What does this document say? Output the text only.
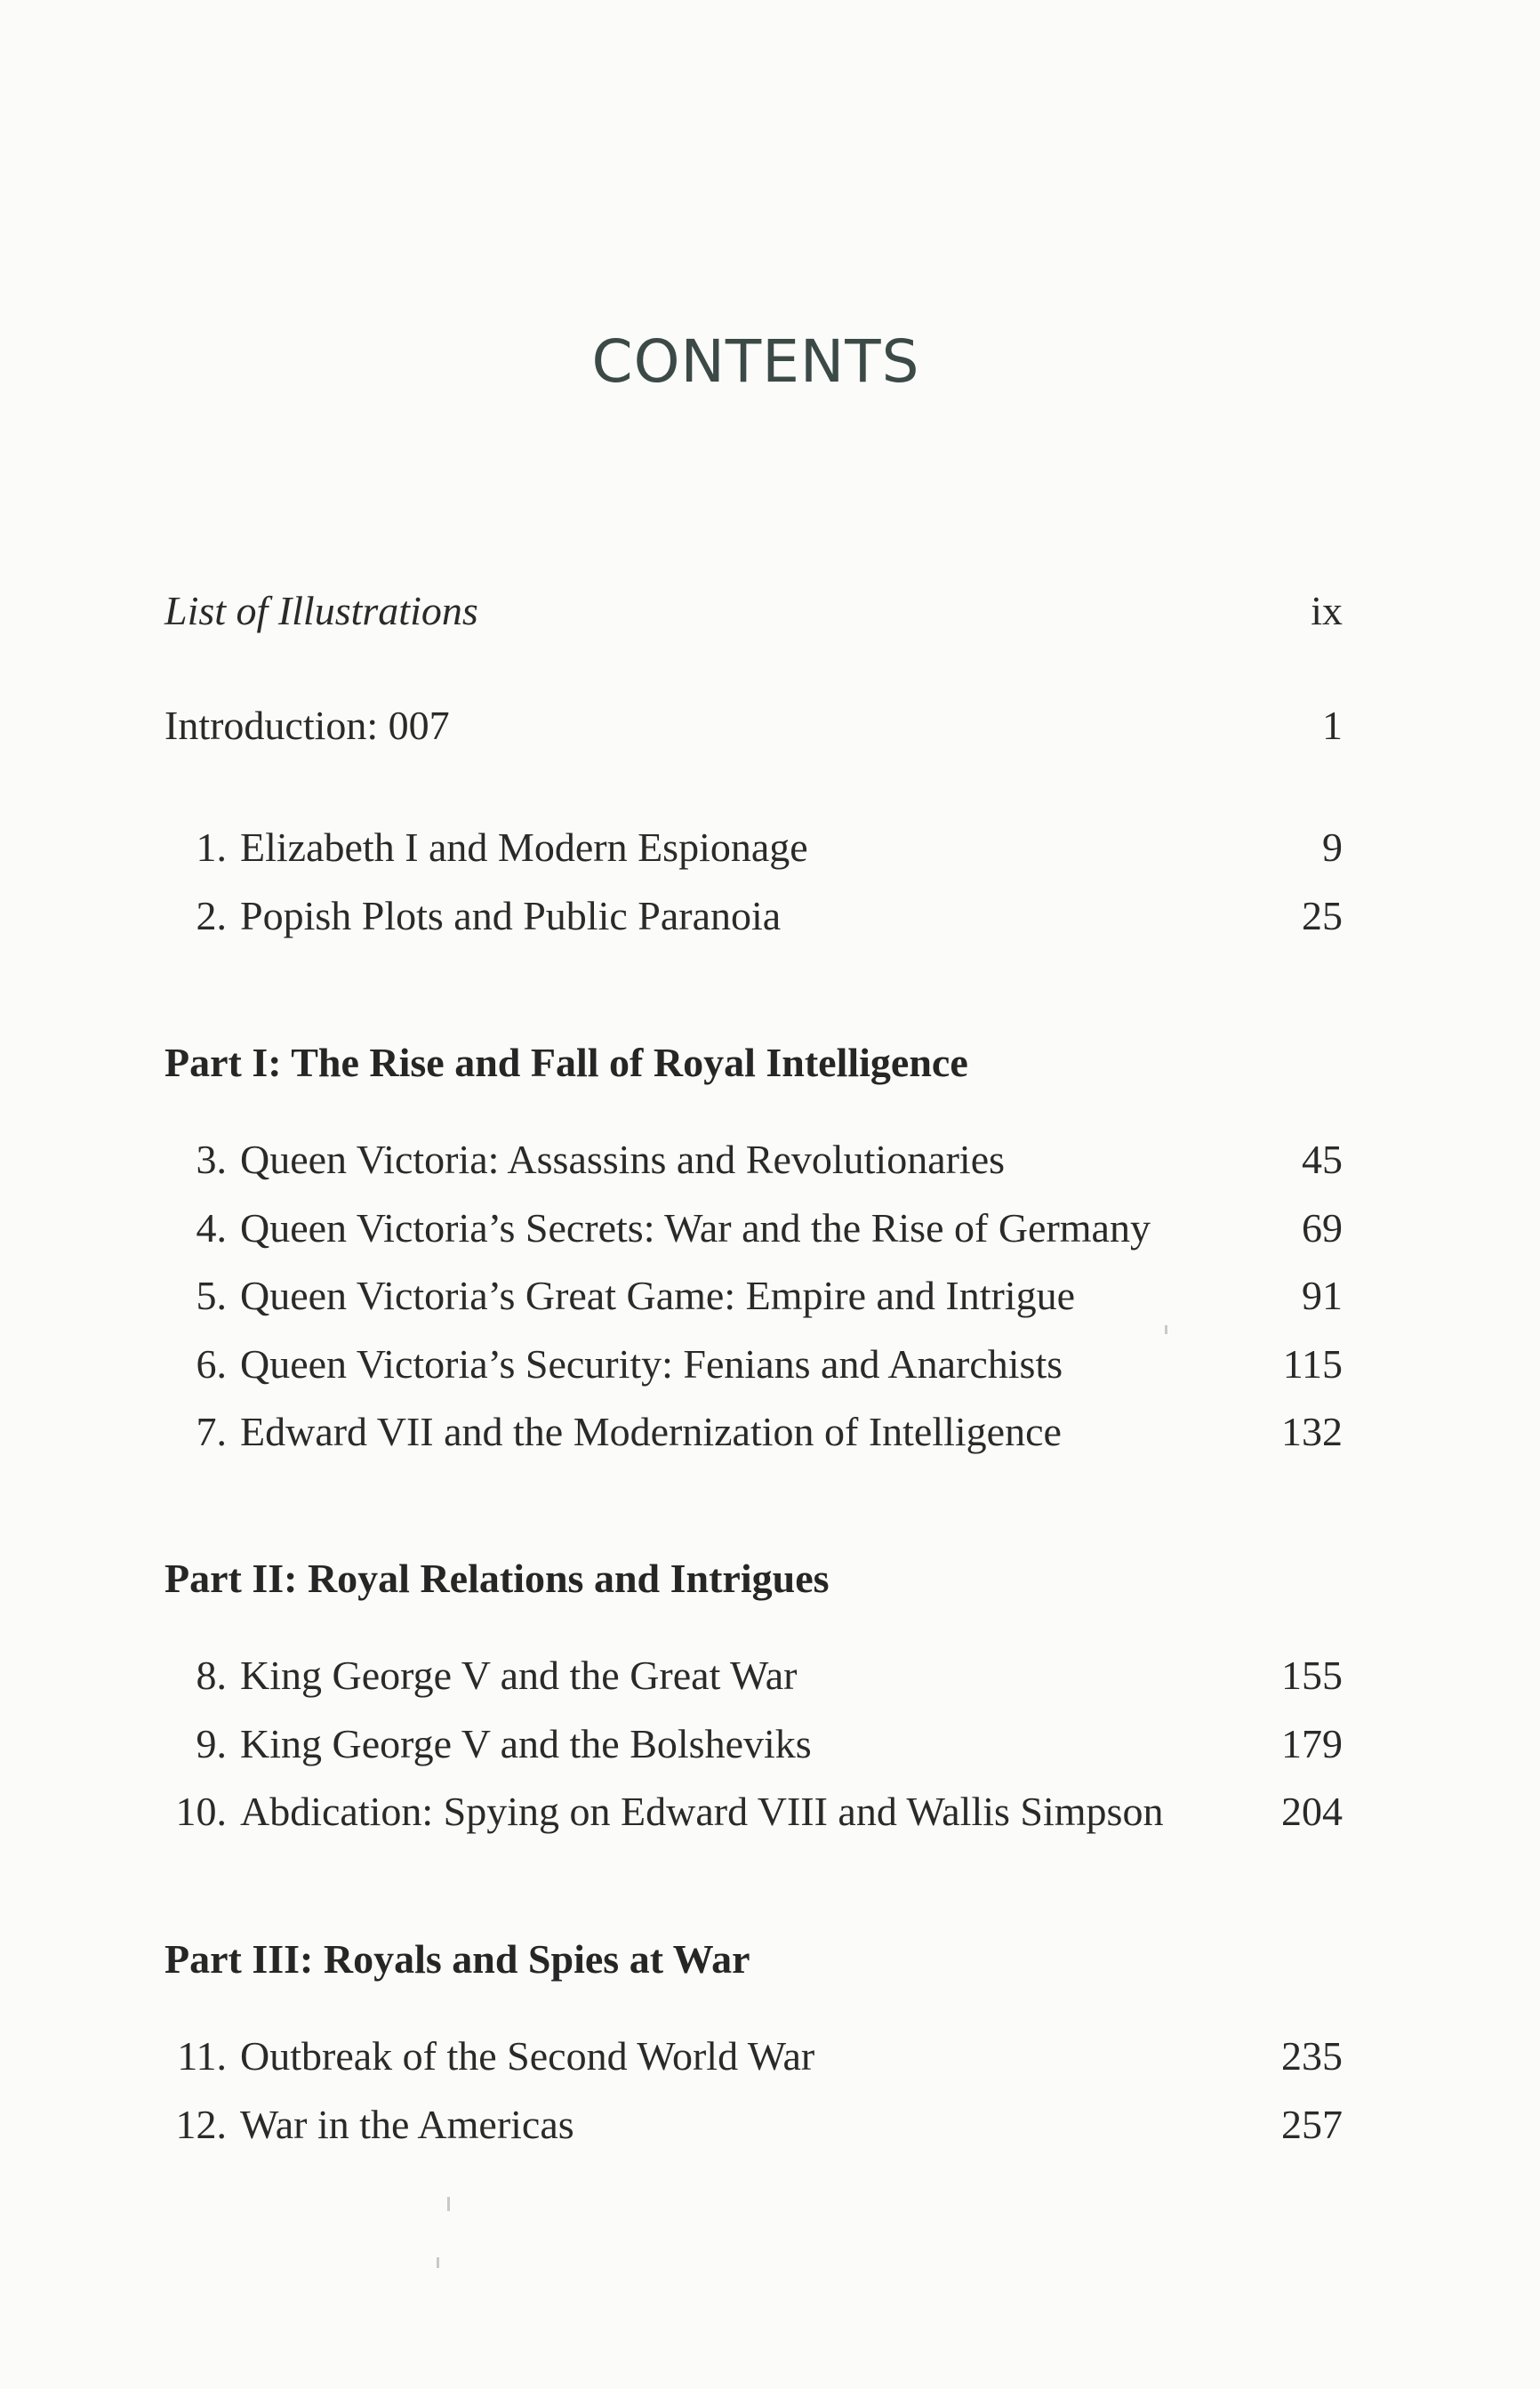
CONTENTS
List of Illustrations	ix
Introduction: 007	1
1. Elizabeth I and Modern Espionage	9
2. Popish Plots and Public Paranoia	25
Part I: The Rise and Fall of Royal Intelligence
3. Queen Victoria: Assassins and Revolutionaries	45
4. Queen Victoria’s Secrets: War and the Rise of Germany	69
5. Queen Victoria’s Great Game: Empire and Intrigue	91
6. Queen Victoria’s Security: Fenians and Anarchists	115
7. Edward VII and the Modernization of Intelligence	132
Part II: Royal Relations and Intrigues
8. King George V and the Great War	155
9. King George V and the Bolsheviks	179
10. Abdication: Spying on Edward VIII and Wallis Simpson	204
Part III: Royals and Spies at War
11. Outbreak of the Second World War	235
12. War in the Americas	257
